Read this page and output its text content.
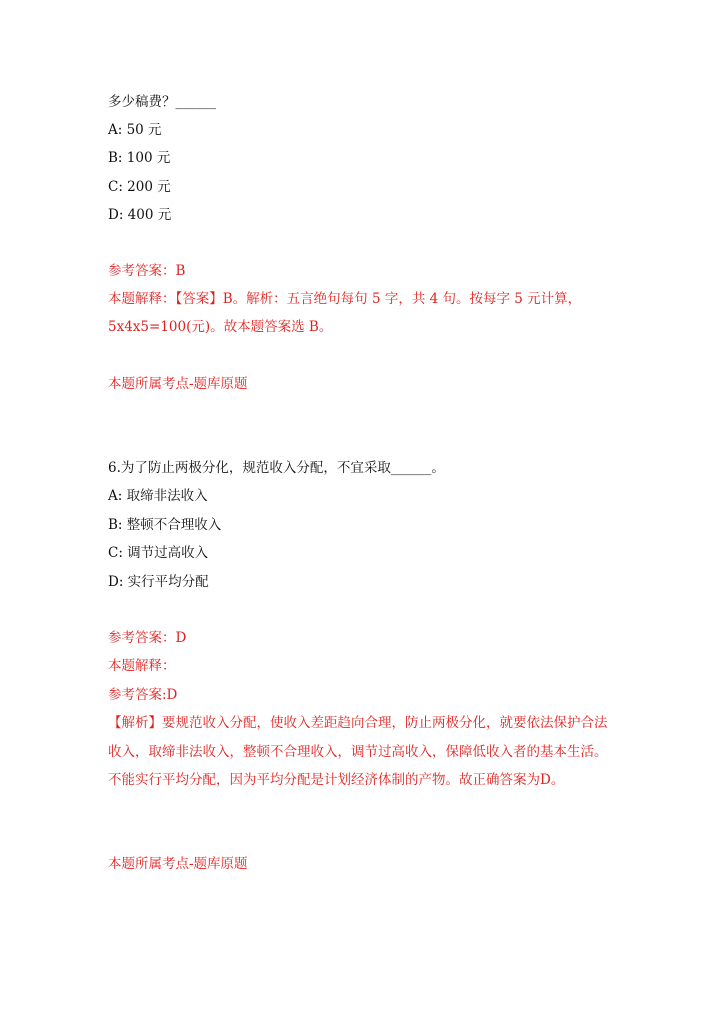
多少稿费？______
A: 50 元
B: 100 元
C: 200 元
D: 400 元
参考答案：B
本题解释：【答案】B。解析：五言绝句每句 5 字，共 4 句。按每字 5 元计算，
5x4x5=100(元)。故本题答案选 B。
本题所属考点-题库原题
6.为了防止两极分化，规范收入分配，不宜采取______。
A: 取缔非法收入
B: 整顿不合理收入
C: 调节过高收入
D: 实行平均分配
参考答案：D
本题解释：
参考答案:D
【解析】要规范收入分配，使收入差距趋向合理，防止两极分化，就要依法保护合法收入，取缔非法收入，整顿不合理收入，调节过高收入，保障低收入者的基本生活。不能实行平均分配，因为平均分配是计划经济体制的产物。故正确答案为D。
本题所属考点-题库原题
